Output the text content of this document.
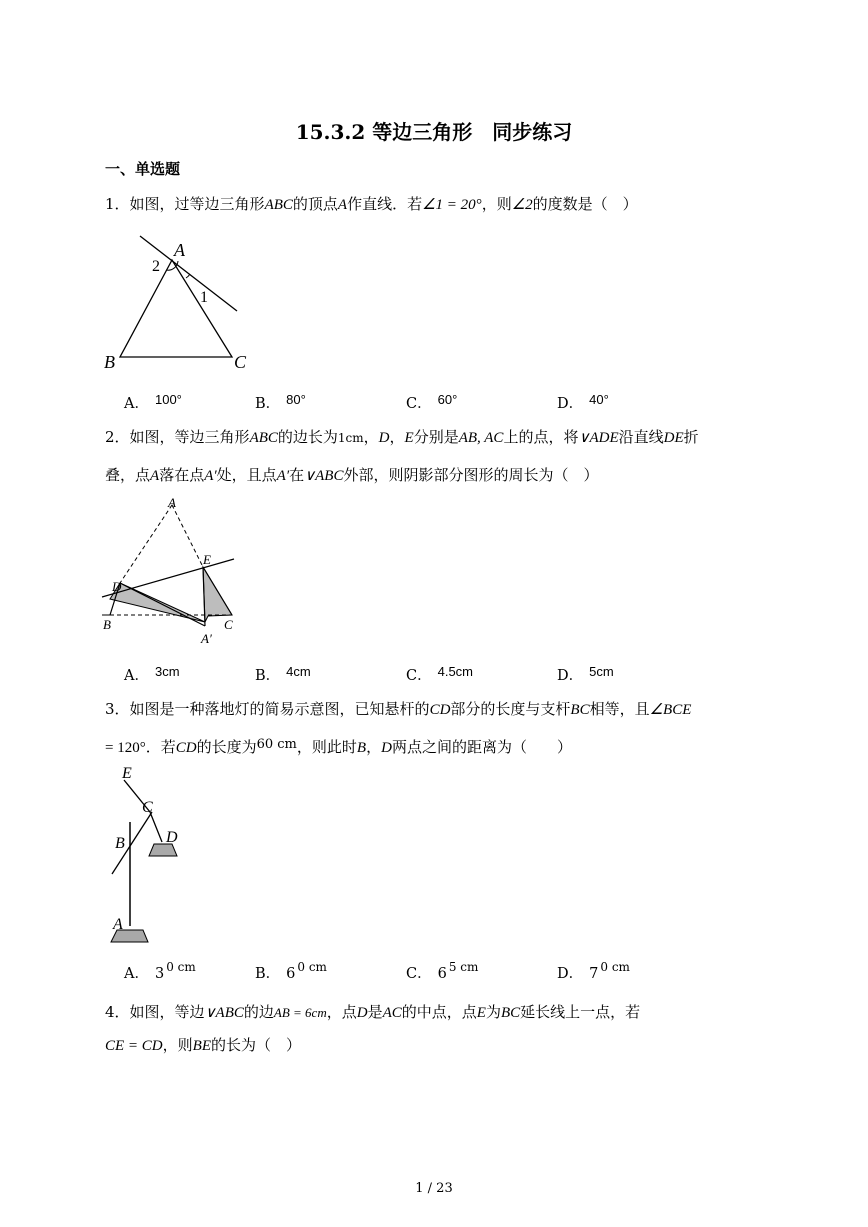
15.3.2 等边三角形　同步练习
一、单选题
1．如图，过等边三角形ABC的顶点A作直线．若∠1 = 20°，则∠2的度数是（　）
A
B	C
1
2
A． 100°	B． 80°	C． 60°	D． 40°
2．如图，等边三角形ABC的边长为1cm，D，E分别是AB, AC上的点，将∨ADE沿直线DE折
叠，点A落在点A′处，且点A′在∨ABC外部，则阴影部分图形的周长为（　）
A
D
E
B	C
A′
A． 3cm	B． 4cm	C． 4.5cm	D． 5cm
3．如图是一种落地灯的简易示意图，已知悬杆的CD部分的长度与支杆BC相等，且∠BCE
= 120°．若CD的长度为60 cm，则此时B，D两点之间的距离为（　　）
E
C
D
B
A
A． 3 $^{0 cm}$	B． 6 $^{0 cm}$	C． 6 $^{5 cm}$	D． 7 $^{0 cm}$
4．如图，等边∨ABC的边AB = 6cm，点D是AC的中点，点E为BC延长线上一点，若
CE = CD，则BE的长为（　）
1 / 23
